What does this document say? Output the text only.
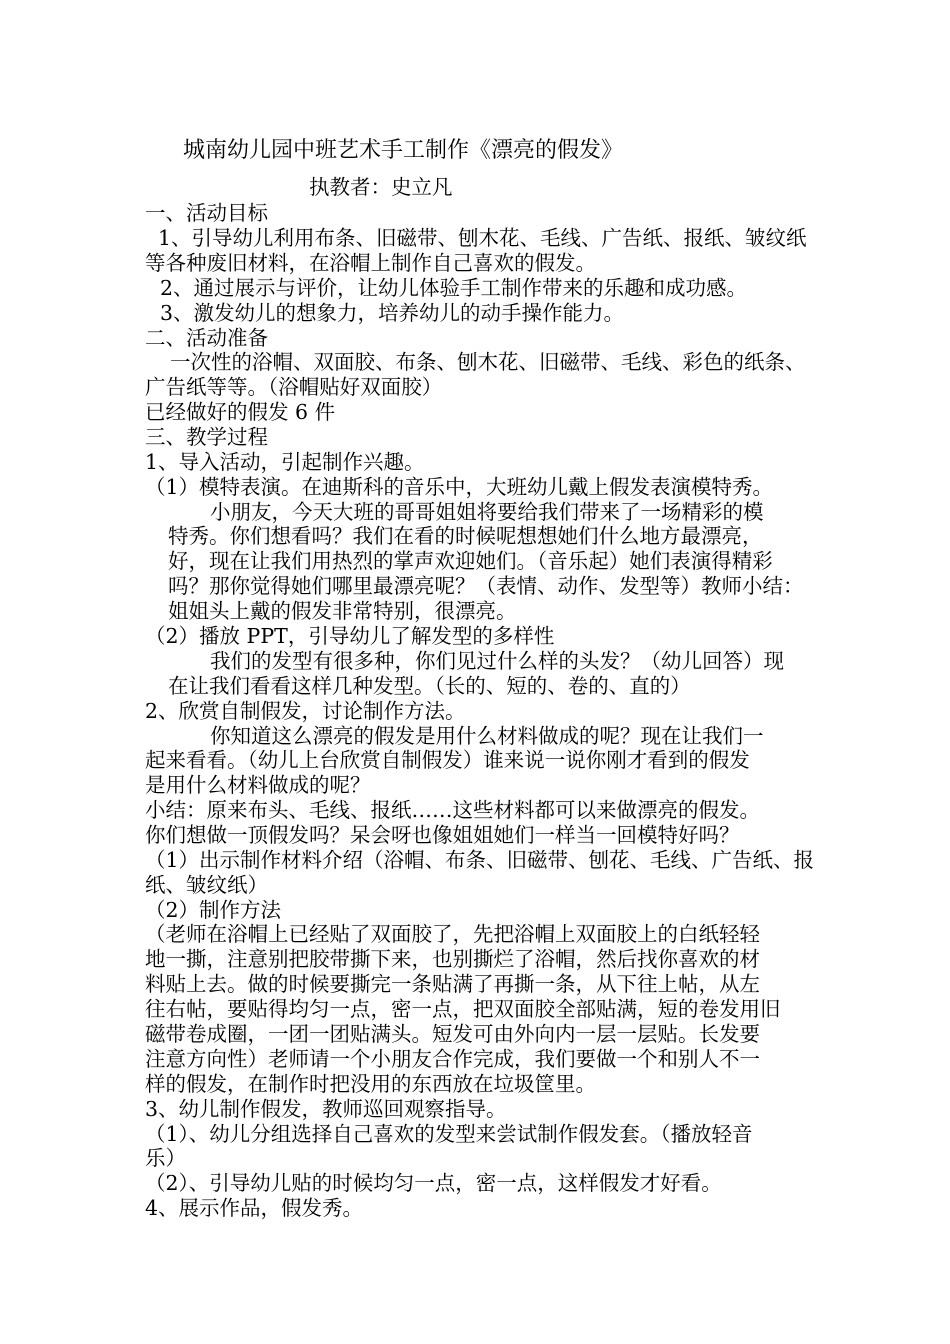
城南幼儿园中班艺术手工制作《漂亮的假发》
执教者：史立凡
一、活动目标
1、引导幼儿利用布条、旧磁带、刨木花、毛线、广告纸、报纸、皱纹纸
等各种废旧材料，在浴帽上制作自己喜欢的假发。
2、通过展示与评价，让幼儿体验手工制作带来的乐趣和成功感。
3、激发幼儿的想象力，培养幼儿的动手操作能力。
二、活动准备
一次性的浴帽、双面胶、布条、刨木花、旧磁带、毛线、彩色的纸条、
广告纸等等。（浴帽贴好双面胶）
已经做好的假发 6 件
三、教学过程
1、导入活动，引起制作兴趣。
（1）模特表演。在迪斯科的音乐中，大班幼儿戴上假发表演模特秀。
小朋友，今天大班的哥哥姐姐将要给我们带来了一场精彩的模
特秀。你们想看吗？我们在看的时候呢想想她们什么地方最漂亮，
好，现在让我们用热烈的掌声欢迎她们。（音乐起）她们表演得精彩
吗？那你觉得她们哪里最漂亮呢？（表情、动作、发型等）教师小结：
姐姐头上戴的假发非常特别，很漂亮。
（2）播放 PPT，引导幼儿了解发型的多样性
我们的发型有很多种，你们见过什么样的头发？（幼儿回答）现
在让我们看看这样几种发型。（长的、短的、卷的、直的）
2、欣赏自制假发，讨论制作方法。
你知道这么漂亮的假发是用什么材料做成的呢？现在让我们一
起来看看。（幼儿上台欣赏自制假发）谁来说一说你刚才看到的假发
是用什么材料做成的呢？
小结：原来布头、毛线、报纸……这些材料都可以来做漂亮的假发。
你们想做一顶假发吗？呆会呀也像姐姐她们一样当一回模特好吗？
（1）出示制作材料介绍（浴帽、布条、旧磁带、刨花、毛线、广告纸、报
纸、皱纹纸）
（2）制作方法
（老师在浴帽上已经贴了双面胶了，先把浴帽上双面胶上的白纸轻轻
地一撕，注意别把胶带撕下来，也别撕烂了浴帽，然后找你喜欢的材
料贴上去。做的时候要撕完一条贴满了再撕一条，从下往上帖，从左
往右帖，要贴得均匀一点，密一点，把双面胶全部贴满，短的卷发用旧
磁带卷成圈，一团一团贴满头。短发可由外向内一层一层贴。长发要
注意方向性）老师请一个小朋友合作完成，我们要做一个和别人不一
样的假发，在制作时把没用的东西放在垃圾筐里。
3、幼儿制作假发，教师巡回观察指导。
（1）、幼儿分组选择自己喜欢的发型来尝试制作假发套。（播放轻音
乐）
（2）、引导幼儿贴的时候均匀一点，密一点，这样假发才好看。
4、展示作品，假发秀。
